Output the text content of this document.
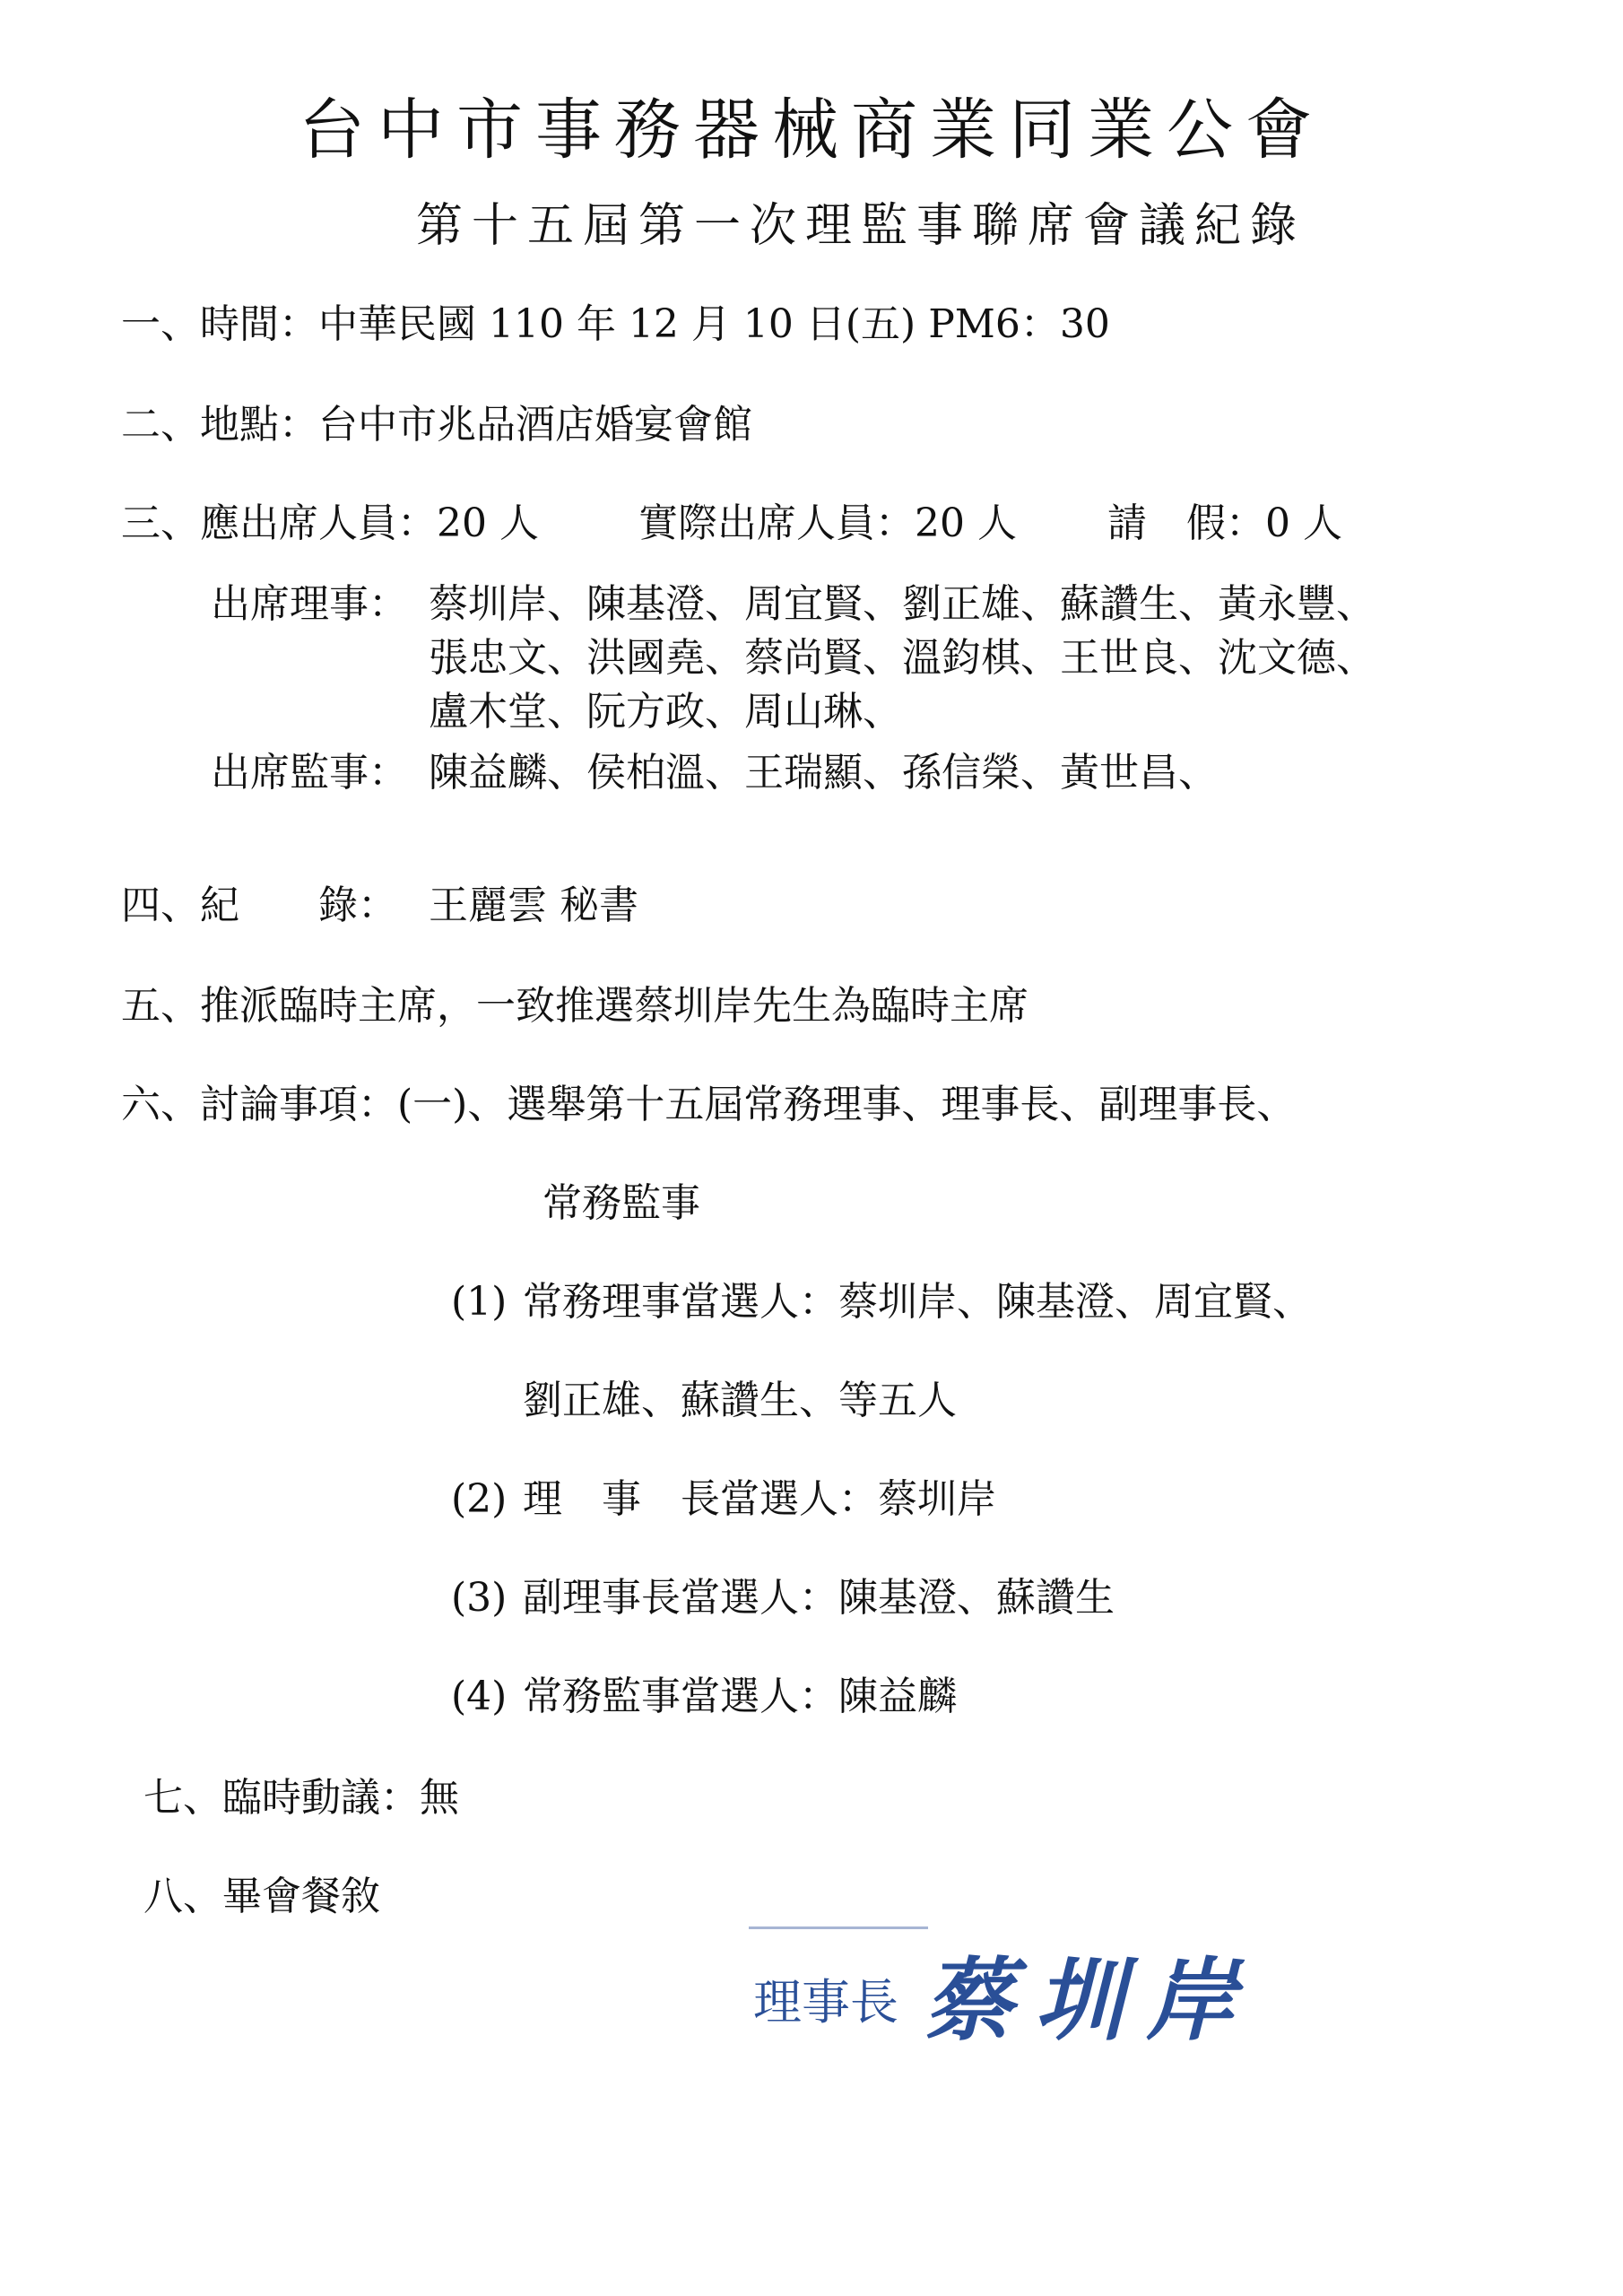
台中市事務器械商業同業公會
第十五屆第一次理監事聯席會議紀錄
一、時間：中華民國 110 年 12 月 10 日(五) PM6：30
二、地點：台中市兆品酒店婚宴會館
三、應出席人員：20 人	實際出席人員：20 人 請　假：0 人
出席理事： 蔡圳岸、陳基澄、周宜賢、劉正雄、蘇讚生、黃永豐、
張忠文、洪國堯、蔡尚賢、溫鈞棋、王世良、沈文德、
盧木堂、阮方政、周山琳、
出席監事： 陳益麟、侯柏溫、王瑞顯、孫信榮、黃世昌、
四、紀　　錄： 王麗雲 秘書
五、推派臨時主席，一致推選蔡圳岸先生為臨時主席
六、討論事項：(一)、選舉第十五屆常務理事、理事長、副理事長、
常務監事
(1) 常務理事當選人：蔡圳岸、陳基澄、周宜賢、
劉正雄、蘇讚生、等五人
(2) 理　事　長當選人：蔡圳岸
(3) 副理事長當選人：陳基澄、蘇讚生
(4) 常務監事當選人：陳益麟
七、臨時動議：無
八、畢會餐敘
理事長 蔡圳岸
